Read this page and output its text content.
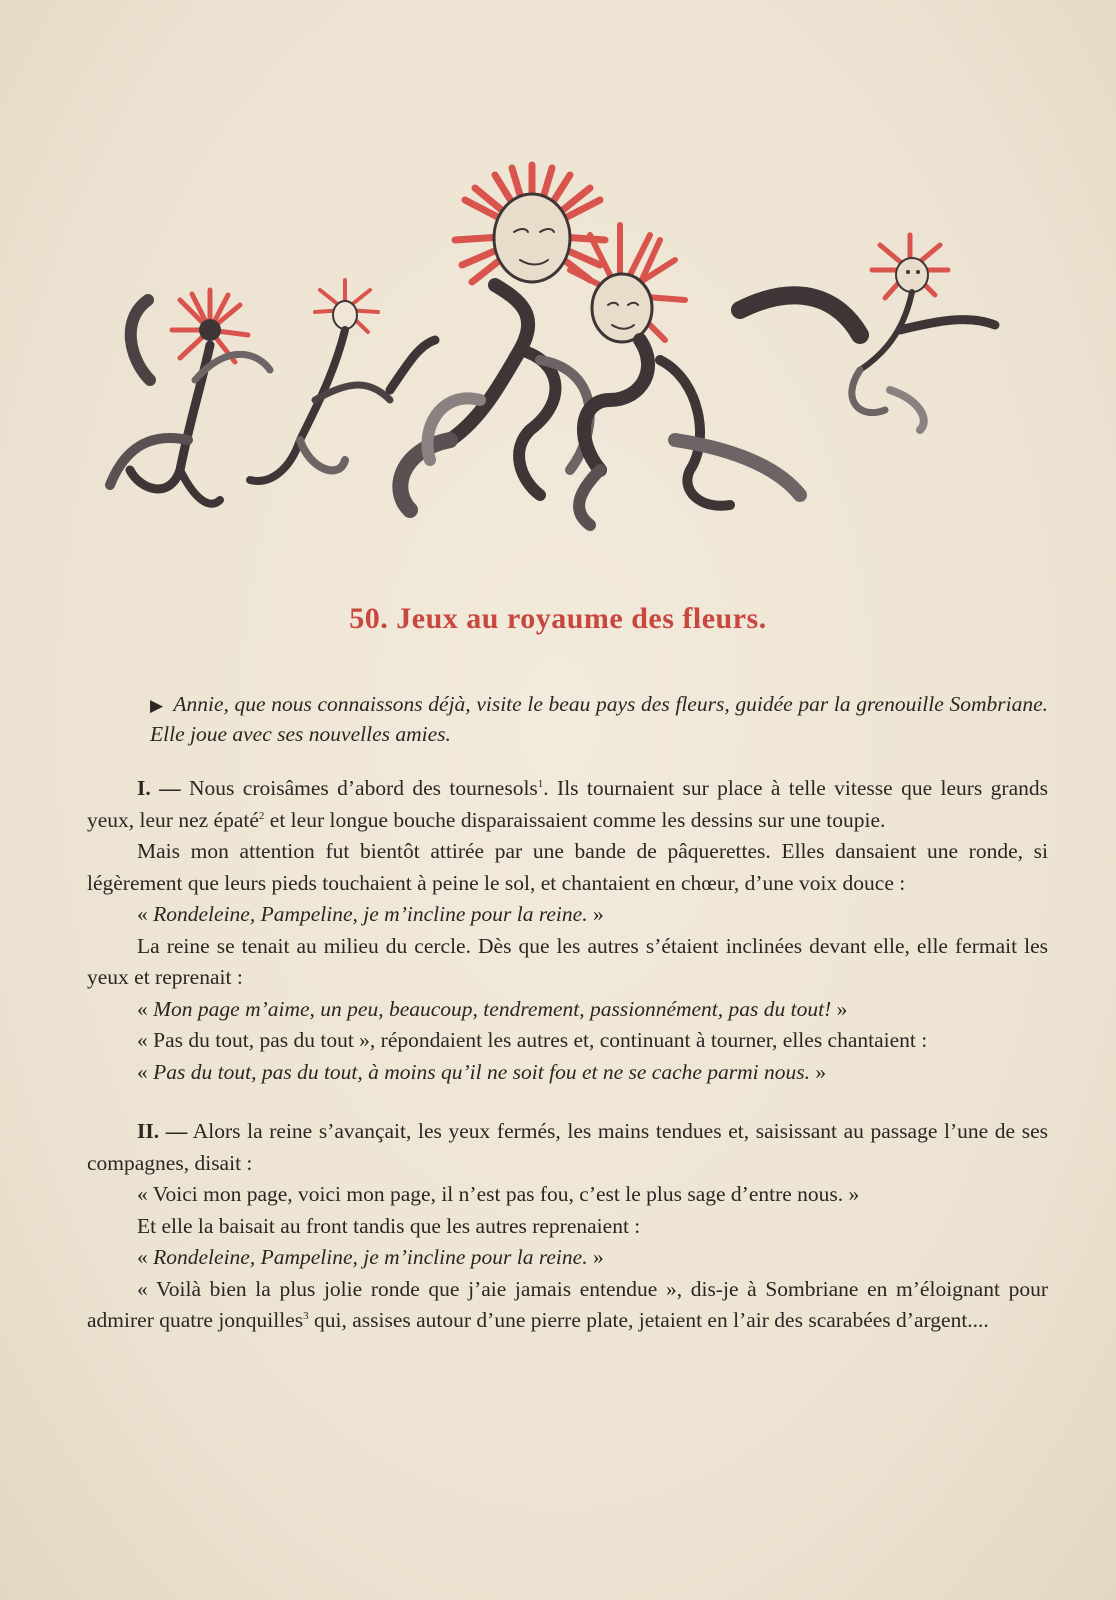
50. Jeux au royaume des fleurs.
▶ Annie, que nous connaissons déjà, visite le beau pays des fleurs, guidée par la grenouille Sombriane. Elle joue avec ses nouvelles amies.

I. — Nous croisâmes d’abord des tournesols$^1$. Ils tournaient sur place à telle vitesse que leurs grands yeux, leur nez épaté$^2$ et leur longue bouche disparaissaient comme les dessins sur une toupie.

Mais mon attention fut bientôt attirée par une bande de pâquerettes. Elles dansaient une ronde, si légèrement que leurs pieds touchaient à peine le sol, et chantaient en chœur, d’une voix douce :

« Rondeleine, Pampeline, je m’incline pour la reine. »

La reine se tenait au milieu du cercle. Dès que les autres s’étaient inclinées devant elle, elle fermait les yeux et reprenait :

« Mon page m’aime, un peu, beaucoup, tendrement, passionnément, pas du tout! »

« Pas du tout, pas du tout », répondaient les autres et, continuant à tourner, elles chantaient :

« Pas du tout, pas du tout, à moins qu’il ne soit fou et ne se cache parmi nous. »

II. — Alors la reine s’avançait, les yeux fermés, les mains tendues et, saisissant au passage l’une de ses compagnes, disait :

« Voici mon page, voici mon page, il n’est pas fou, c’est le plus sage d’entre nous. »

Et elle la baisait au front tandis que les autres reprenaient :

« Rondeleine, Pampeline, je m’incline pour la reine. »

« Voilà bien la plus jolie ronde que j’aie jamais entendue », dis-je à Sombriane en m’éloignant pour admirer quatre jonquilles$^3$ qui, assises autour d’une pierre plate, jetaient en l’air des scarabées d’argent....
